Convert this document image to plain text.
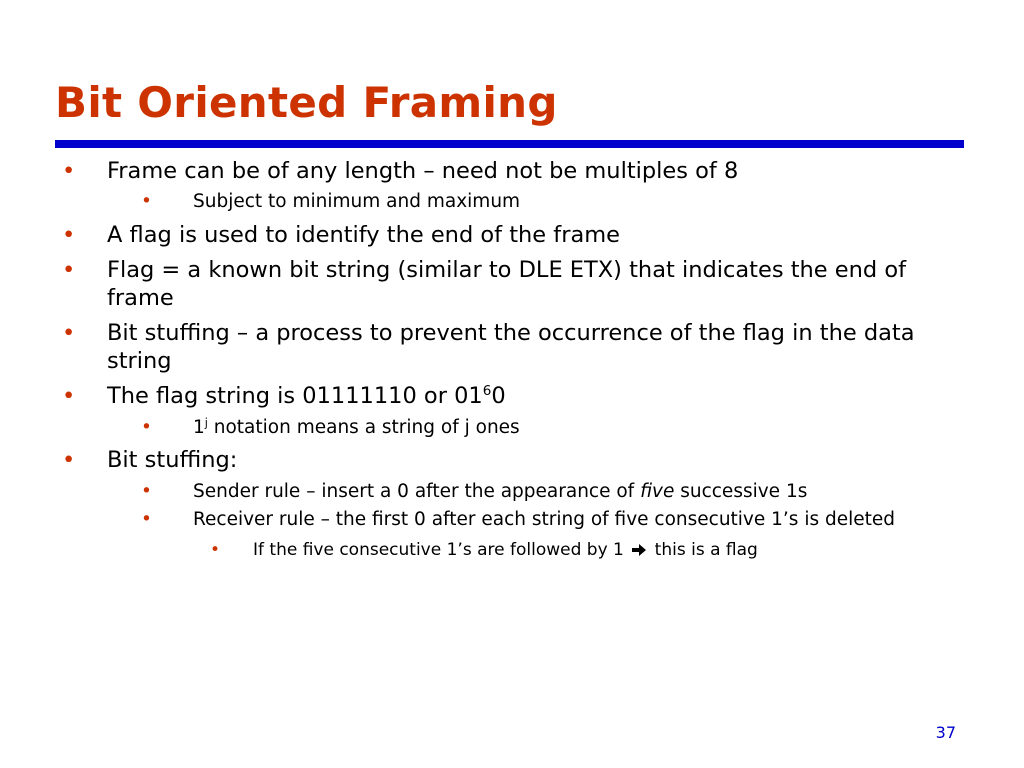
Bit Oriented Framing
• Frame can be of any length – need not be multiples of 8
• Subject to minimum and maximum
• A flag is used to identify the end of the frame
• Flag = a known bit string (similar to DLE ETX) that indicates the end of frame
• Bit stuffing – a process to prevent the occurrence of the flag in the data string
• The flag string is 01111110 or $01^60$
• 1$^j$ notation means a string of j ones
• Bit stuffing:
• Sender rule – insert a 0 after the appearance of five successive 1s
• Receiver rule – the first 0 after each string of five consecutive 1’s is deleted
• If the five consecutive 1’s are followed by 1 this is a flag
37
